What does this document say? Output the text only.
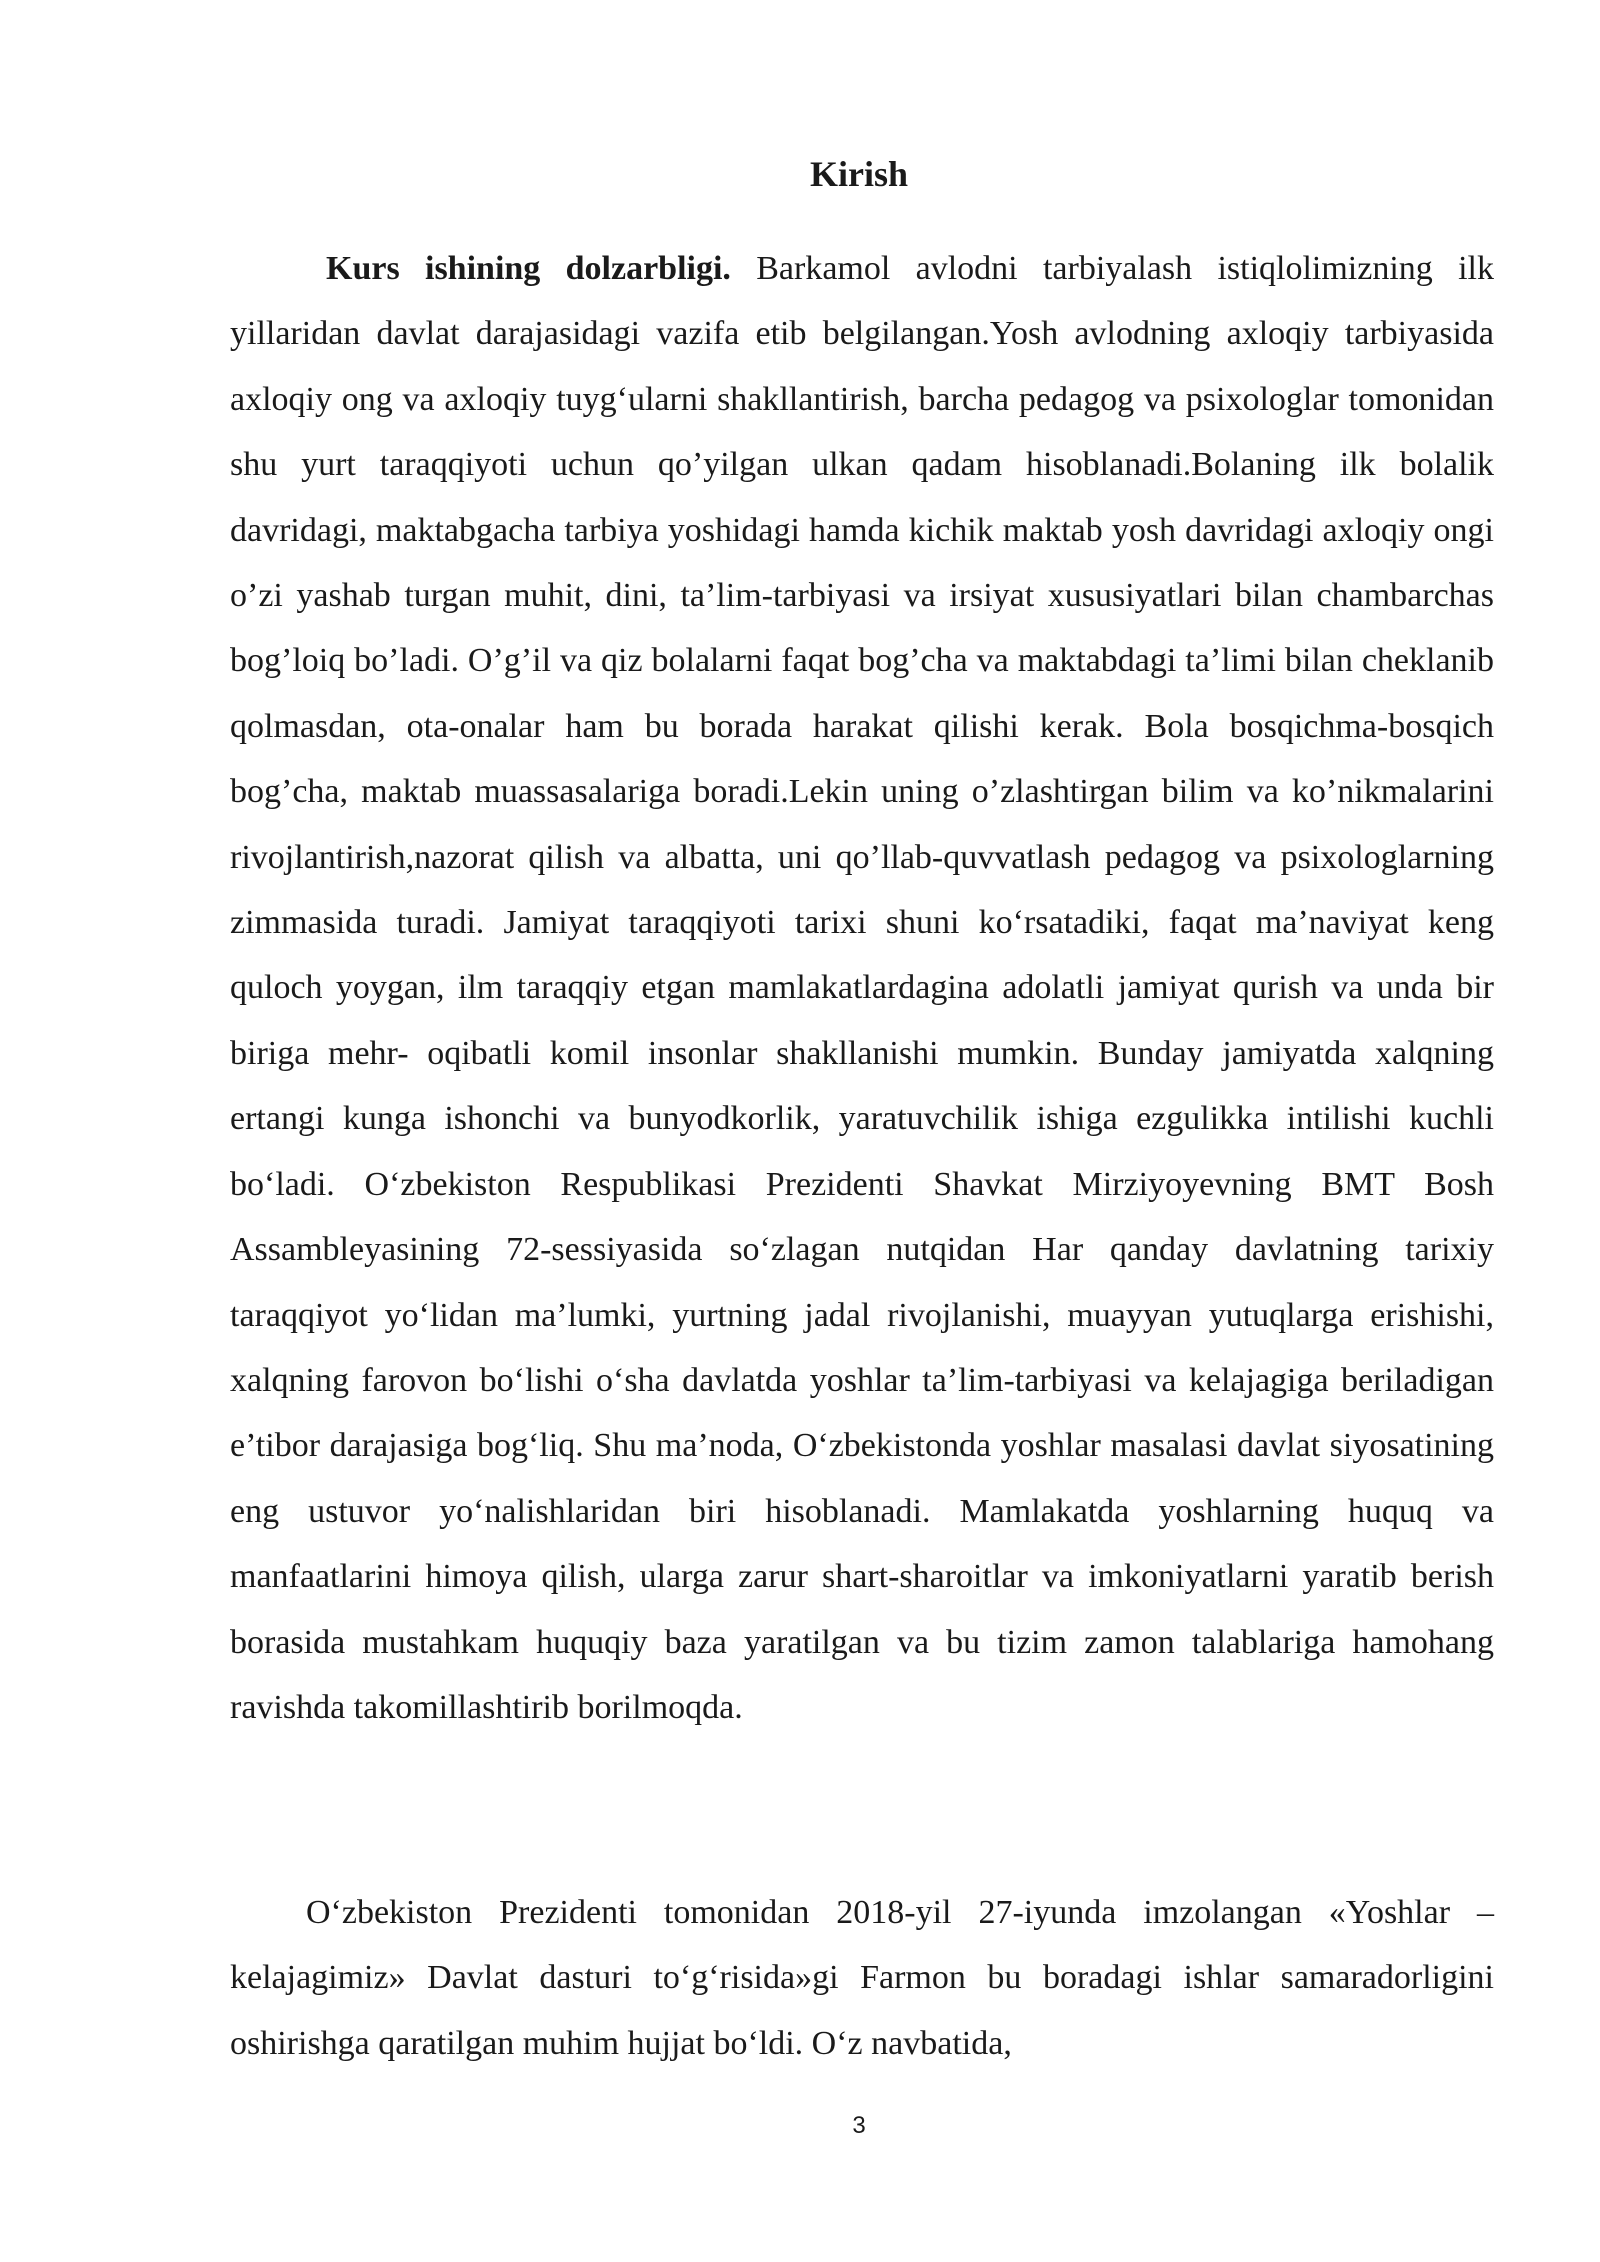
Kirish

Kurs ishining dolzarbligi. Barkamol avlodni tarbiyalash istiqlolimizning ilk yillaridan davlat darajasidagi vazifa etib belgilangan.Yosh avlodning axloqiy tarbiyasida axloqiy ong va axloqiy tuyg‘ularni shakllantirish, barcha pedagog va psixologlar tomonidan shu yurt taraqqiyoti uchun qo’yilgan ulkan qadam hisoblanadi.Bolaning ilk bolalik davridagi, maktabgacha tarbiya yoshidagi hamda kichik maktab yosh davridagi axloqiy ongi o’zi yashab turgan muhit, dini, ta’lim-tarbiyasi va irsiyat xususiyatlari bilan chambarchas bog’loiq bo’ladi. O’g’il va qiz bolalarni faqat bog’cha va maktabdagi ta’limi bilan cheklanib qolmasdan, ota-onalar ham bu borada harakat qilishi kerak. Bola bosqichma-bosqich bog’cha, maktab muassasalariga boradi.Lekin uning o’zlashtirgan bilim va ko’nikmalarini rivojlantirish,nazorat qilish va albatta, uni qo’llab-quvvatlash pedagog va psixologlarning zimmasida turadi. Jamiyat taraqqiyoti tarixi shuni ko‘rsatadiki, faqat ma’naviyat keng quloch yoygan, ilm taraqqiy etgan mamlakatlardagina adolatli jamiyat qurish va unda bir biriga mehr- oqibatli komil insonlar shakllanishi mumkin. Bunday jamiyatda xalqning ertangi kunga ishonchi va bunyodkorlik, yaratuvchilik ishiga ezgulikka intilishi kuchli bo‘ladi. O‘zbekiston Respublikasi Prezidenti Shavkat Mirziyoyevning BMT Bosh Assambleyasining 72-sessiyasida so‘zlagan nutqidan Har qanday davlatning tarixiy taraqqiyot yo‘lidan ma’lumki, yurtning jadal rivojlanishi, muayyan yutuqlarga erishishi, xalqning farovon bo‘lishi o‘sha davlatda yoshlar ta’lim-tarbiyasi va kelajagiga beriladigan e’tibor darajasiga bog‘liq. Shu ma’noda, O‘zbekistonda yoshlar masalasi davlat siyosatining eng ustuvor yo‘nalishlaridan biri hisoblanadi. Mamlakatda yoshlarning huquq va manfaatlarini himoya qilish, ularga zarur shart-sharoitlar va imkoniyatlarni yaratib berish borasida mustahkam huquqiy baza yaratilgan va bu tizim zamon talablariga hamohang ravishda takomillashtirib borilmoqda.

O‘zbekiston Prezidenti tomonidan 2018-yil 27-iyunda imzolangan «Yoshlar – kelajagimiz» Davlat dasturi to‘g‘risida»gi Farmon bu boradagi ishlar samaradorligini oshirishga qaratilgan muhim hujjat bo‘ldi. O‘z navbatida,

3
